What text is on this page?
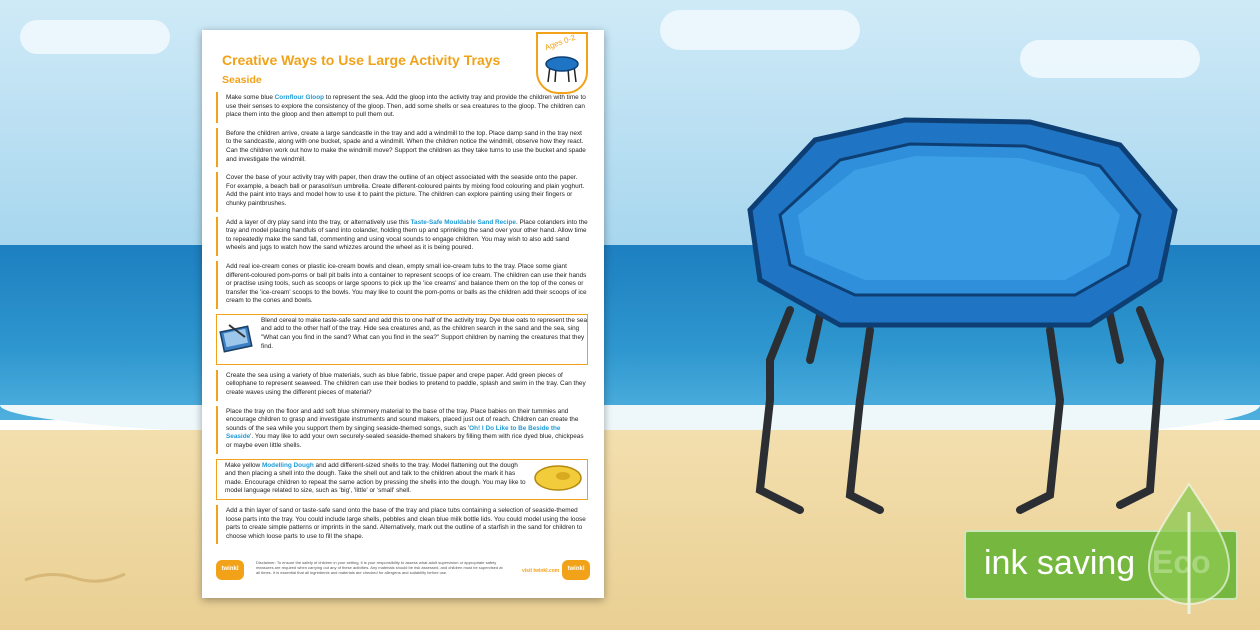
Creative Ways to Use Large Activity Trays
Seaside
Ages 0-2
Make some blue Cornflour Gloop to represent the sea. Add the gloop into the activity tray and provide the children with time to use their senses to explore the consistency of the gloop. Then, add some shells or sea creatures to the gloop. The children can place them into the gloop and then attempt to pull them out.
Before the children arrive, create a large sandcastle in the tray and add a windmill to the top. Place damp sand in the tray next to the sandcastle, along with one bucket, spade and a windmill. When the children notice the windmill, observe how they react. Can the children work out how to make the windmill move? Support the children as they take turns to use the bucket and spade and investigate the windmill.
Cover the base of your activity tray with paper, then draw the outline of an object associated with the seaside onto the paper. For example, a beach ball or parasol/sun umbrella. Create different-coloured paints by mixing food colouring and plain yoghurt. Add the paint into trays and model how to use it to paint the picture. The children can explore painting using their fingers or chunky paintbrushes.
Add a layer of dry play sand into the tray, or alternatively use this Taste-Safe Mouldable Sand Recipe. Place colanders into the tray and model placing handfuls of sand into colander, holding them up and sprinkling the sand over your other hand. Allow time to repeatedly make the sand fall, commenting and using vocal sounds to engage children. You may wish to also add sand wheels and jugs to watch how the sand whizzes around the wheel as it is being poured.
Add real ice-cream cones or plastic ice-cream bowls and clean, empty small ice-cream tubs to the tray. Place some giant different-coloured pom-poms or ball pit balls into a container to represent scoops of ice cream. The children can use their hands or practise using tools, such as scoops or large spoons to pick up the 'ice creams' and balance them on the top of the cones or transfer the 'ice-cream' scoops to the bowls. You may like to count the pom-poms or balls as the children add their scoops of ice cream to the cones and bowls.
Blend cereal to make taste-safe sand and add this to one half of the activity tray. Dye blue oats to represent the sea and add to the other half of the tray. Hide sea creatures and, as the children search in the sand and the sea, sing "What can you find in the sand? What can you find in the sea?" Support children by naming the creatures that they find.
Create the sea using a variety of blue materials, such as blue fabric, tissue paper and crepe paper. Add green pieces of cellophane to represent seaweed. The children can use their bodies to pretend to paddle, splash and swim in the tray. Can they create waves using the different pieces of material?
Place the tray on the floor and add soft blue shimmery material to the base of the tray. Place babies on their tummies and encourage children to grasp and investigate instruments and sound makers, placed just out of reach. Children can create the sounds of the sea while you support them by singing seaside-themed songs, such as 'Oh! I Do Like to Be Beside the Seaside'. You may like to add your own securely-sealed seaside-themed shakers by filling them with rice dyed blue, chickpeas or maybe even little shells.
Make yellow Modelling Dough and add different-sized shells to the tray. Model flattening out the dough and then placing a shell into the dough. Take the shell out and talk to the children about the mark it has made. Encourage children to repeat the same action by pressing the shells into the dough. You may like to model language related to size, such as 'big', 'little' or 'small' shell.
Add a thin layer of sand or taste-safe sand onto the base of the tray and place tubs containing a selection of seaside-themed loose parts into the tray. You could include large shells, pebbles and clean blue milk bottle lids. You could model using the loose parts to create simple patterns or imprints in the sand. Alternatively, mark out the outline of a starfish in the sand for children to choose which loose parts to use to fill the shape.
twinkl
Disclaimer: To ensure the safety of children in your setting, it is your responsibility to assess what adult supervision or appropriate safety measures are required when carrying out any of these activities. Any materials should be risk assessed, and children must be supervised at all times. It is essential that all ingredients and materials are checked for allergens and suitability before use.	visit twinkl.com	twinkl	ink saving
